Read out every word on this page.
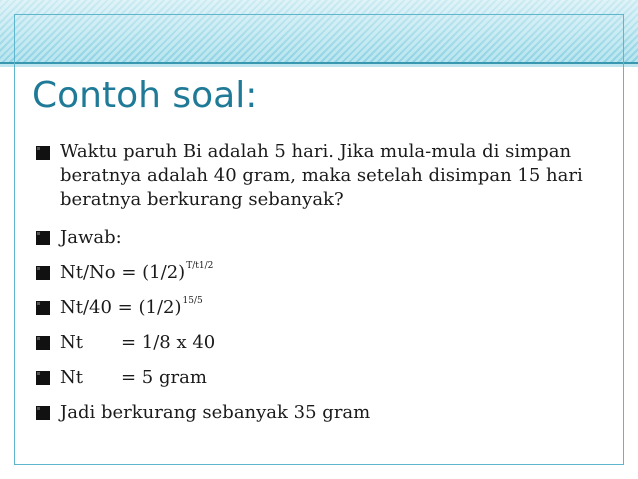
Contoh soal:
Waktu paruh Bi adalah 5 hari. Jika mula-mula di simpan beratnya adalah 40 gram, maka setelah disimpan 15 hari beratnya berkurang sebanyak?
Jawab:
$Nt/No = (1/2)^{T/t1/2}$
$Nt/40 = (1/2)^{15/5}$
Nt = 1/8 x 40
Nt = 5 gram
Jadi berkurang sebanyak 35 gram
